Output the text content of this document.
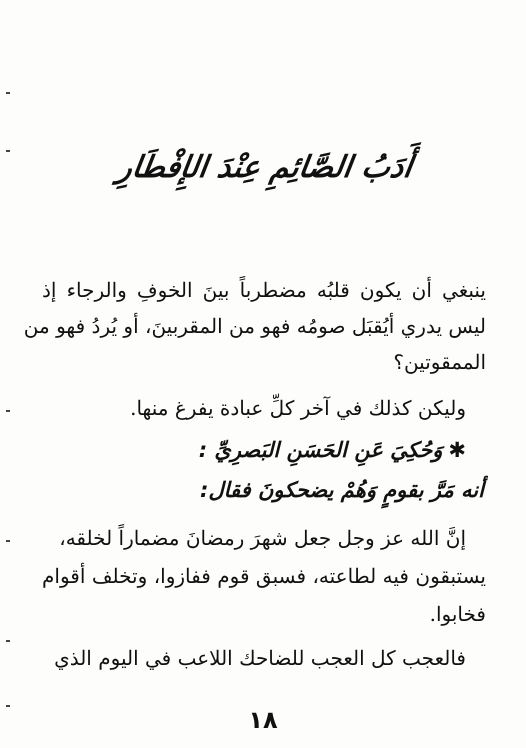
أَدَبُ الصَّائِمِ عِنْدَ الإِفْطَارِ
ينبغي أن يكون قلبُه مضطرباً بينَ الخوفِ والرجاء إذ
ليس يدري أيُقبَل صومُه فهو من المقربينَ، أو يُردُ فهو من
الممقوتين؟
وليكن كذلك في آخر كلِّ عبادة يفرغ منها.
✱وَحُكِيَ عَنِ الحَسَنِ البَصرِيِّ :
أنه مَرَّ بقومٍ وَهُمْ يضحكونَ فقال:
إنَّ الله عز وجل جعل شهرَ رمضانَ مضماراً لخلقه،
يستبقون فيه لطاعته، فسبق قوم ففازوا، وتخلف أقوام
فخابوا.
فالعجب كل العجب للضاحك اللاعب في اليوم الذي
١٨
